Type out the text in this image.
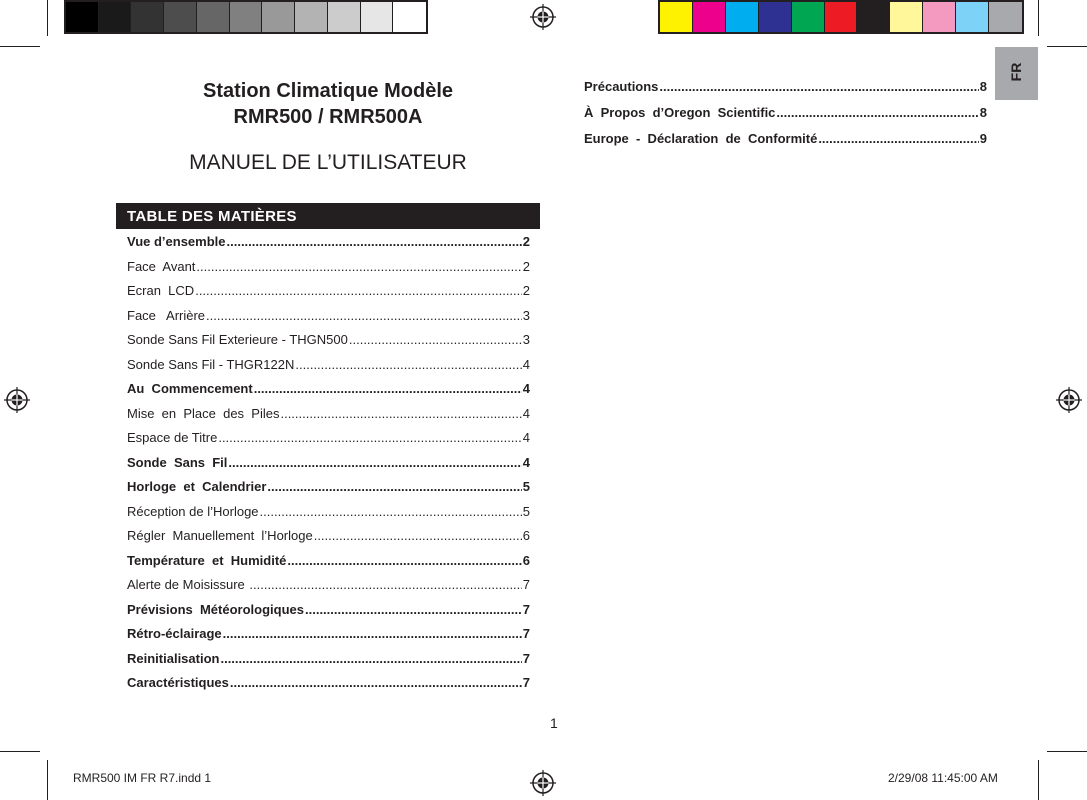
Station Climatique Modèle
RMR500 / RMR500A
MANUEL DE L’UTILISATEUR
TABLE DES MATIÈRES
Vue d’ensemble .....	2
Face  Avant .....	2
Ecran  LCD .....	2
Face   Arrière .....	3
Sonde Sans Fil Exterieure - THGN500 .....	3
Sonde Sans Fil - THGR122N .....	4
Au  Commencement .....	4
Mise  en  Place  des  Piles .....	4
Espace de Titre .....	4
Sonde  Sans  Fil .....	4
Horloge  et  Calendrier .....	5
Réception de l’Horloge .....	5
Régler  Manuellement  l’Horloge .....	6
Température  et  Humidité .....	6
Alerte de Moisissure .....	7
Prévisions  Météorologiques .....	7
Rétro-éclairage .....	7
Reinitialisation .....	7
Caractéristiques .....	7
Précautions .....	8
À  Propos  d’Oregon  Scientific .....	8
Europe  -  Déclaration  de  Conformité .....	9
1
FR
RMR500 IM FR R7.indd 1	2/29/08 11:45:00 AM
